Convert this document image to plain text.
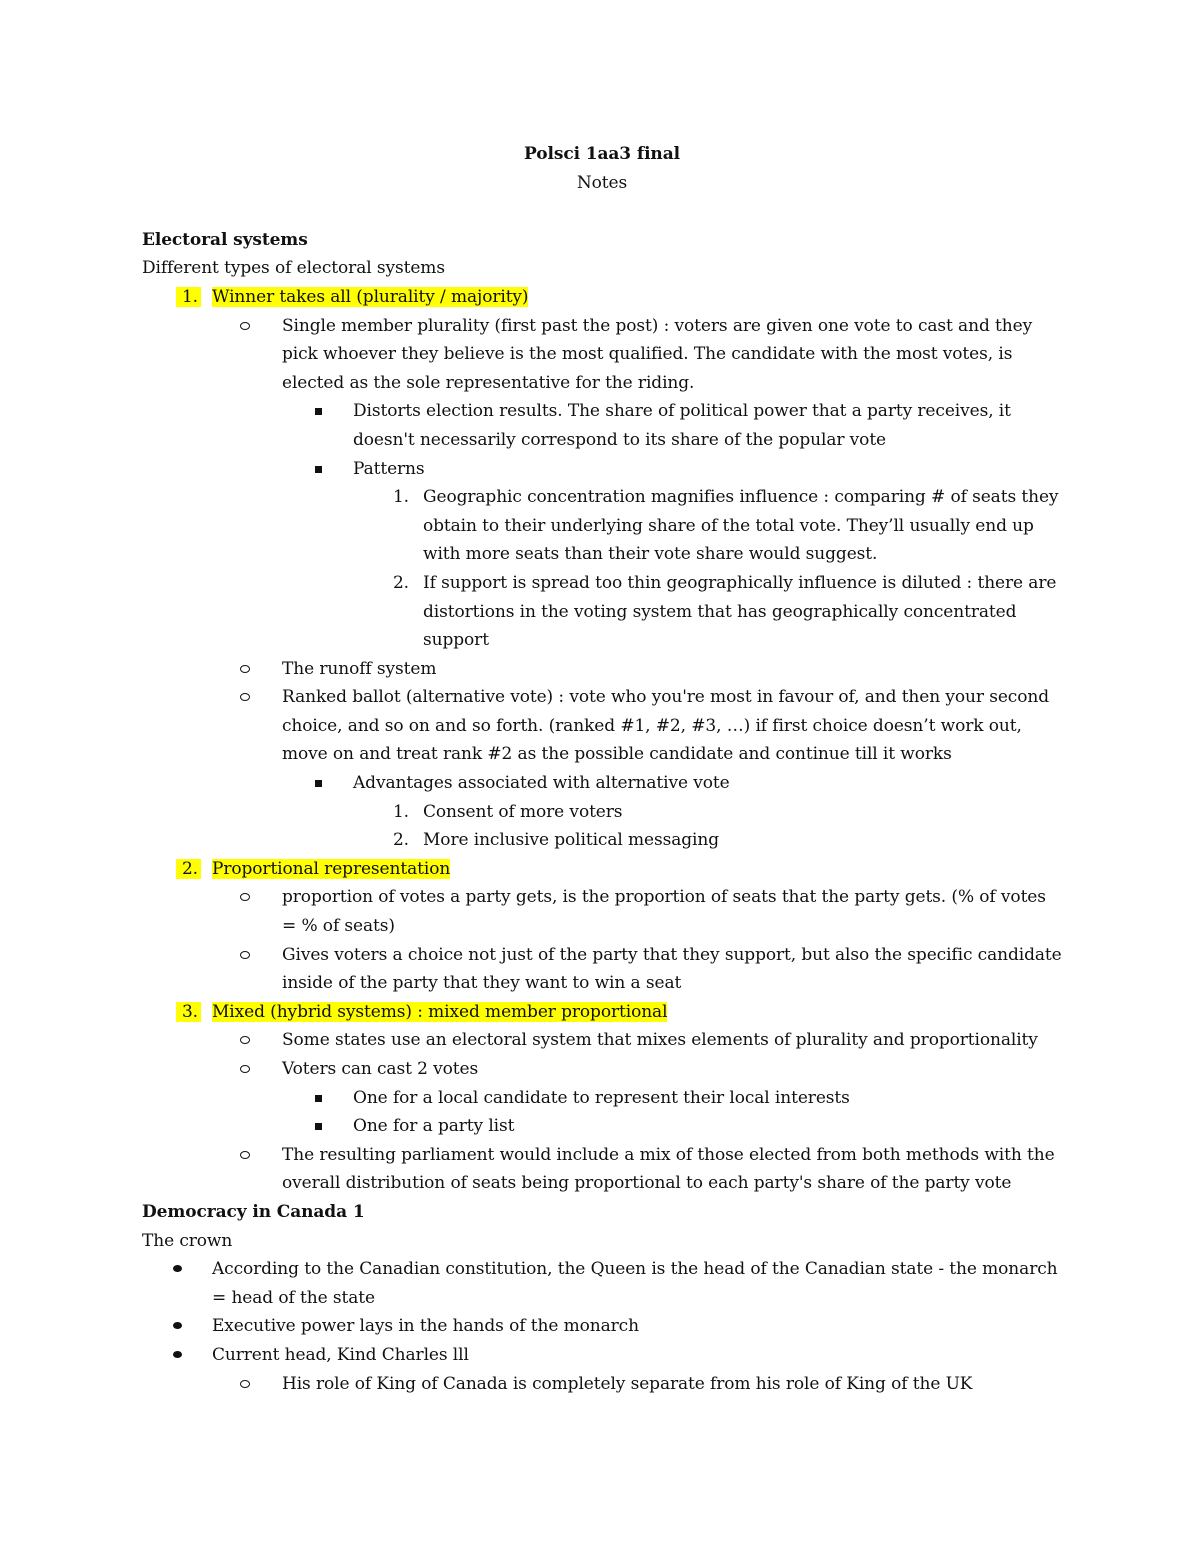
Polsci 1aa3 final
Notes
Electoral systems
Different types of electoral systems
1. Winner takes all (plurality / majority)
Single member plurality (first past the post) : voters are given one vote to cast and they pick whoever they believe is the most qualified. The candidate with the most votes, is elected as the sole representative for the riding.
Distorts election results. The share of political power that a party receives, it doesn't necessarily correspond to its share of the popular vote
Patterns
1. Geographic concentration magnifies influence : comparing # of seats they obtain to their underlying share of the total vote. They’ll usually end up with more seats than their vote share would suggest.
2. If support is spread too thin geographically influence is diluted : there are distortions in the voting system that has geographically concentrated support
The runoff system
Ranked ballot (alternative vote) : vote who you're most in favour of, and then your second choice, and so on and so forth. (ranked #1, #2, #3, …) if first choice doesn’t work out, move on and treat rank #2 as the possible candidate and continue till it works
Advantages associated with alternative vote
1. Consent of more voters
2. More inclusive political messaging
2. Proportional representation
proportion of votes a party gets, is the proportion of seats that the party gets. (% of votes = % of seats)
Gives voters a choice not just of the party that they support, but also the specific candidate inside of the party that they want to win a seat
3. Mixed (hybrid systems) : mixed member proportional
Some states use an electoral system that mixes elements of plurality and proportionality
Voters can cast 2 votes
One for a local candidate to represent their local interests
One for a party list
The resulting parliament would include a mix of those elected from both methods with the overall distribution of seats being proportional to each party's share of the party vote
Democracy in Canada 1
The crown
According to the Canadian constitution, the Queen is the head of the Canadian state - the monarch = head of the state
Executive power lays in the hands of the monarch
Current head, Kind Charles lll
His role of King of Canada is completely separate from his role of King of the UK
